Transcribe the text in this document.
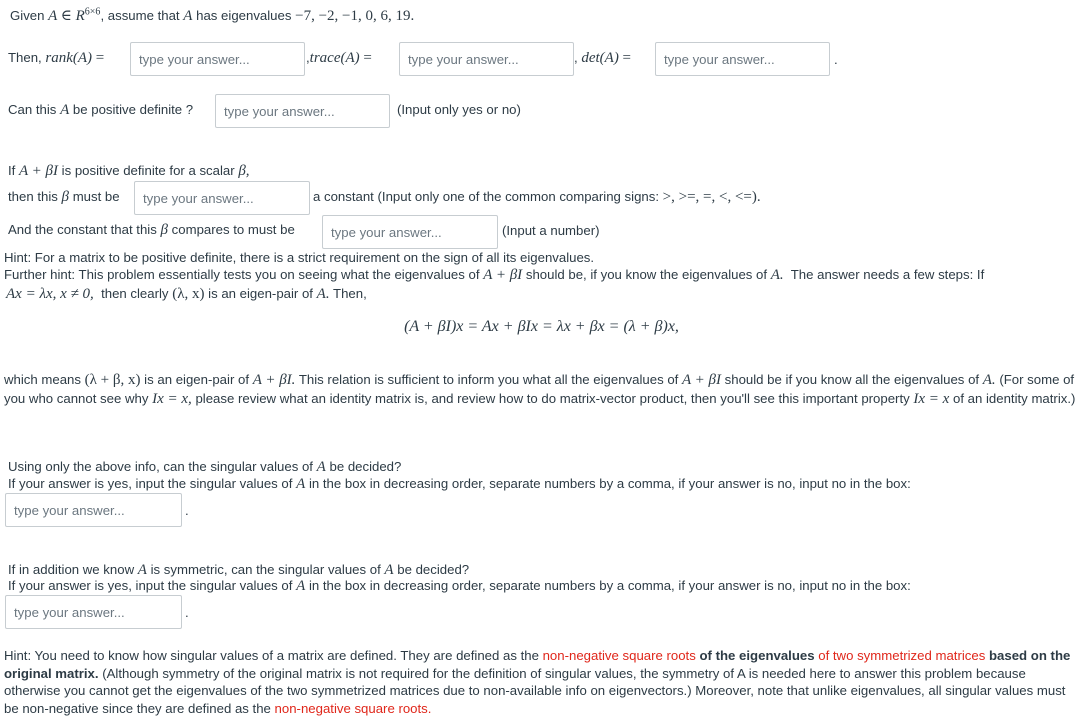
Given A ∈ $R^{6\times 6}$, assume that A has eigenvalues −7, −2, −1, 0, 6, 19.
Then, rank(A) =
type your answer...	,trace(A) =
type your answer...	, det(A) =
type your answer...	.
Can this A be positive definite ?
type your answer...	(Input only yes or no)
If A + βI is positive definite for a scalar β,
then this β must be
type your answer...	a constant (Input only one of the common comparing signs: >, >=, =, <, <=).
And the constant that this β compares to must be
type your answer...	(Input a number)
Hint: For a matrix to be positive definite, there is a strict requirement on the sign of all its eigenvalues.
Further hint: This problem essentially tests you on seeing what the eigenvalues of A + βI should be, if you know the eigenvalues of A. The answer needs a few steps: If
Ax = λx, x ≠ 0, then clearly (λ, x) is an eigen-pair of A. Then,
(A + βI)x = Ax + βIx = λx + βx = (λ + β)x,
which means (λ + β, x) is an eigen-pair of A + βI. This relation is sufficient to inform you what all the eigenvalues of A + βI should be if you know all the eigenvalues of A. (For some of you who cannot see why Ix = x, please review what an identity matrix is, and review how to do matrix-vector product, then you'll see this important property Ix = x of an identity matrix.)
Using only the above info, can the singular values of A be decided?
If your answer is yes, input the singular values of A in the box in decreasing order, separate numbers by a comma, if your answer is no, input no in the box:
type your answer...
.
If in addition we know A is symmetric, can the singular values of A be decided?
If your answer is yes, input the singular values of A in the box in decreasing order, separate numbers by a comma, if your answer is no, input no in the box:
type your answer...
.
Hint: You need to know how singular values of a matrix are defined. They are defined as the non-negative square roots of the eigenvalues of two symmetrized matrices based on the original matrix. (Although symmetry of the original matrix is not required for the definition of singular values, the symmetry of A is needed here to answer this problem because otherwise you cannot get the eigenvalues of the two symmetrized matrices due to non-available info on eigenvectors.) Moreover, note that unlike eigenvalues, all singular values must be non-negative since they are defined as the non-negative square roots.
